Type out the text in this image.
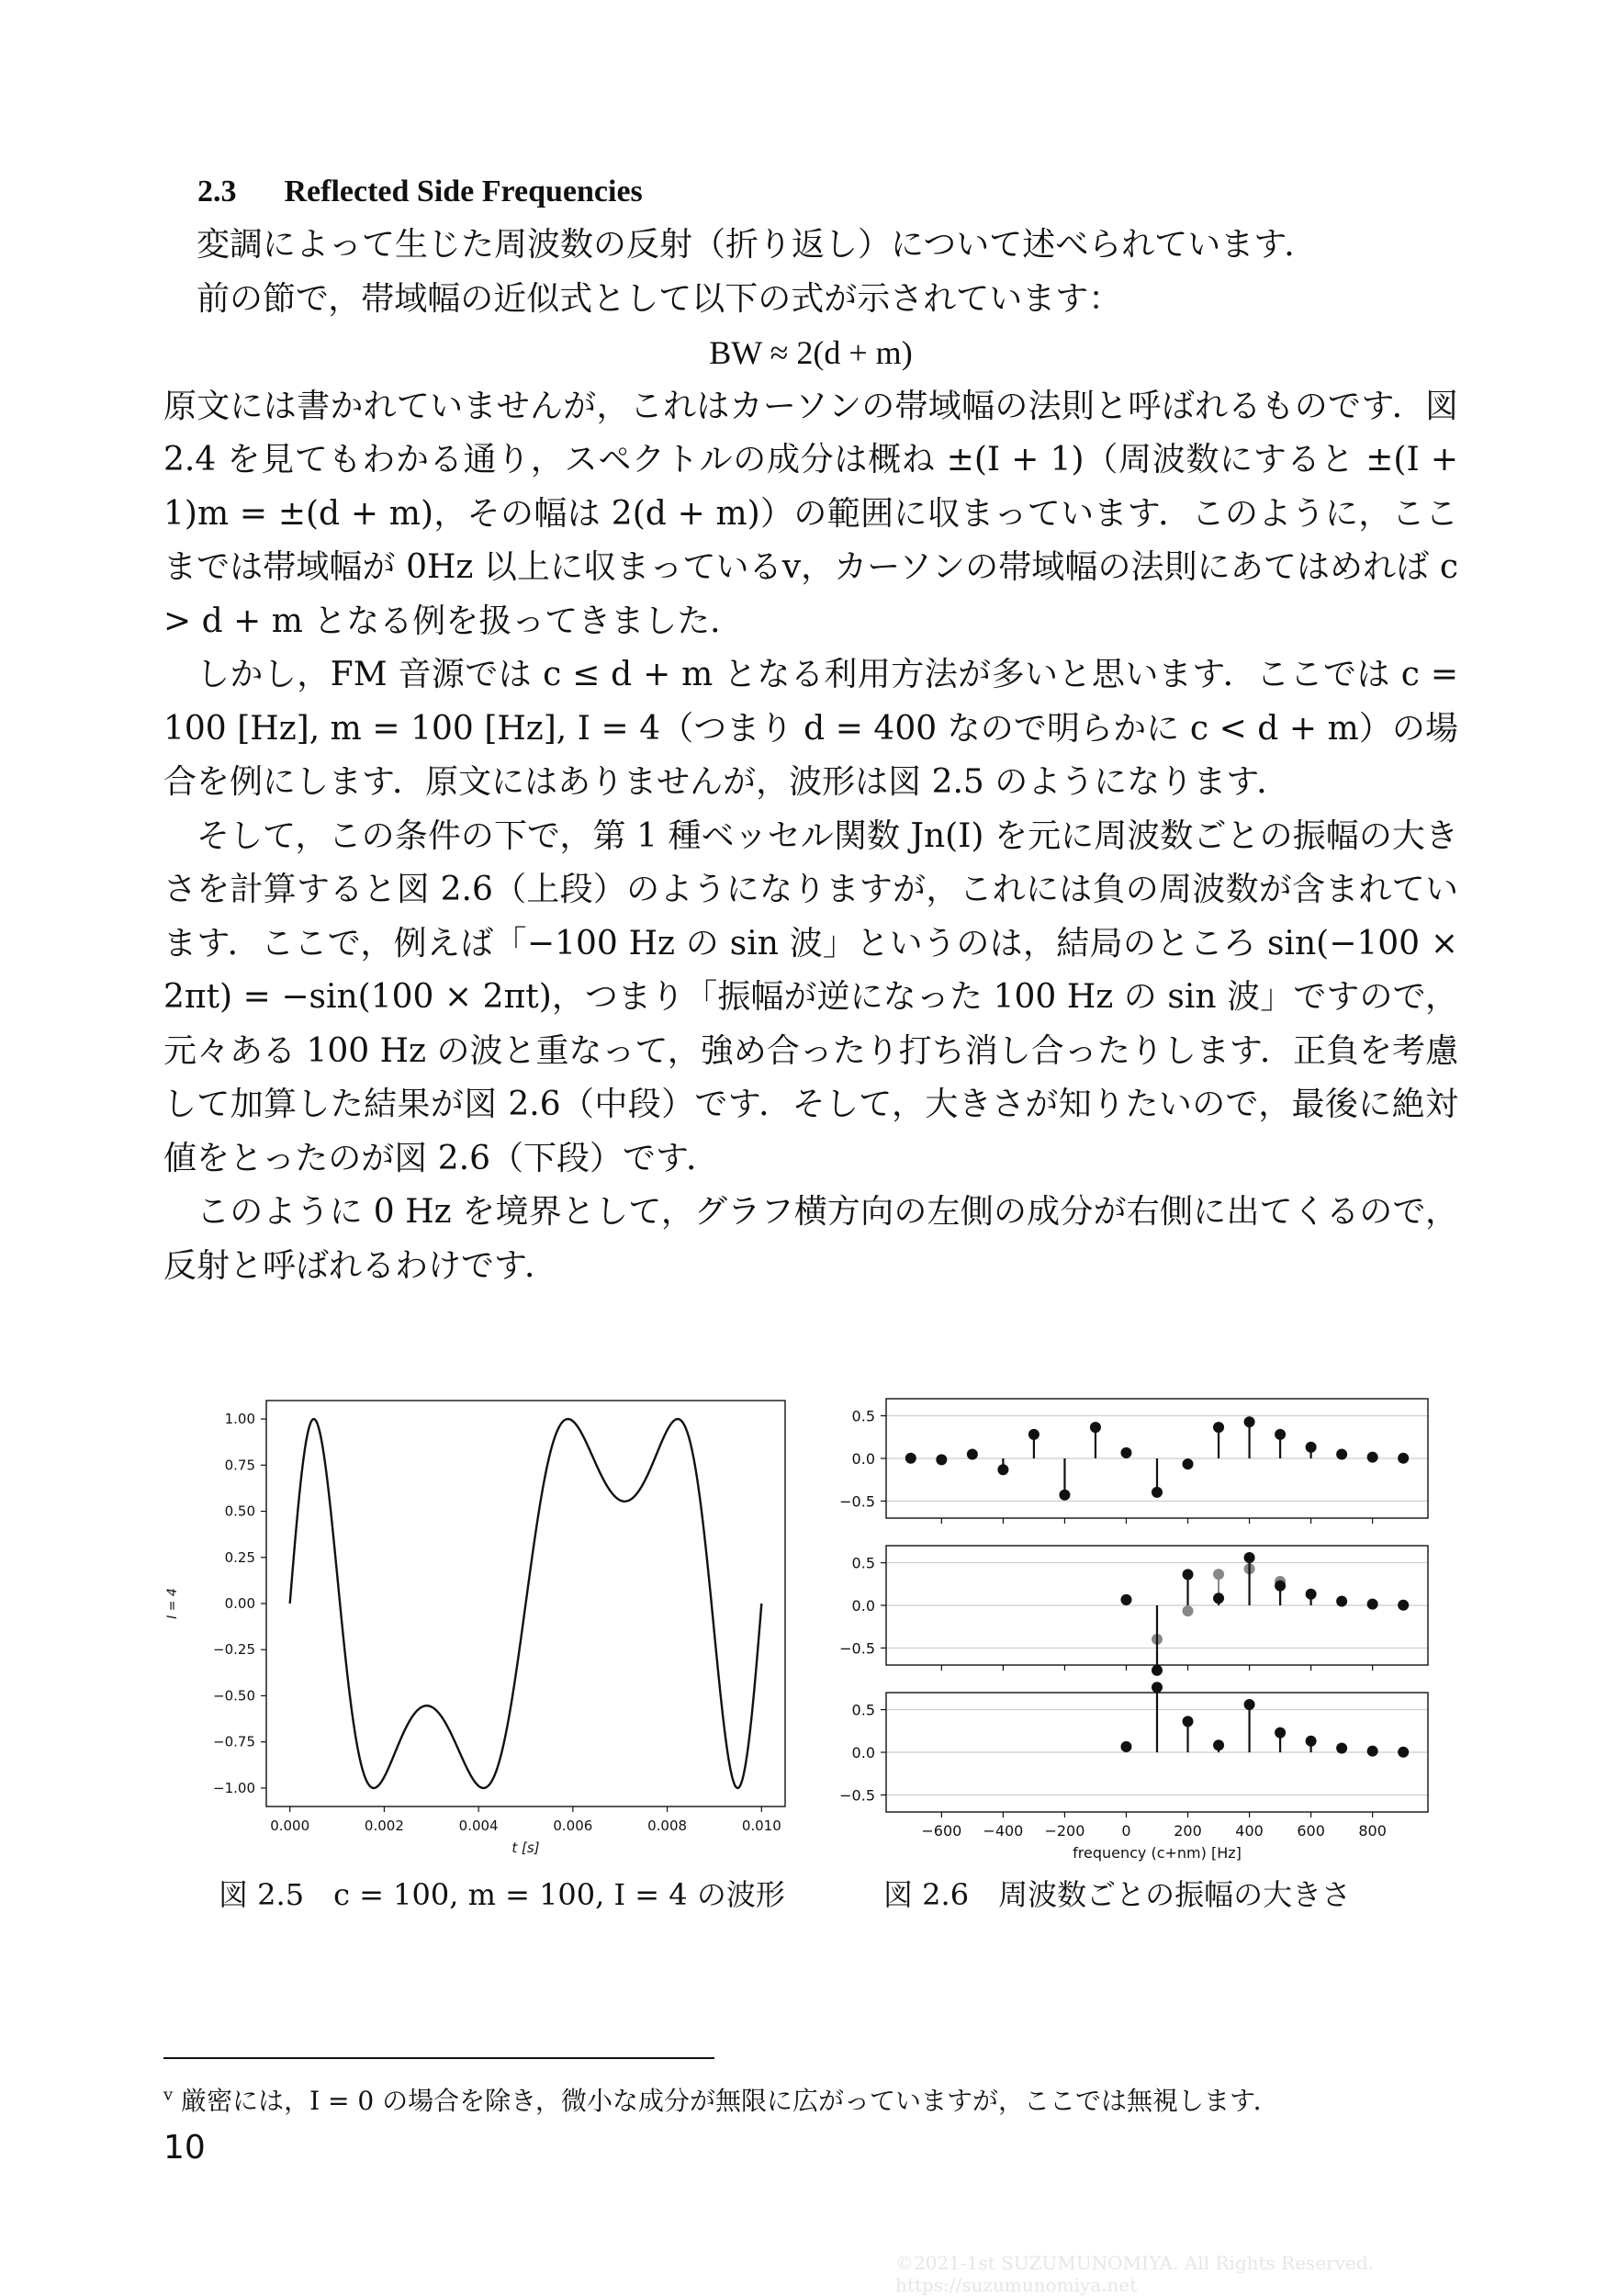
2.3 Reflected Side Frequencies

変調によって生じた周波数の反射（折り返し）について述べられています．

前の節で，帯域幅の近似式として以下の式が示されています：

BW ≈ 2(d + m)

原文には書かれていませんが，これはカーソンの帯域幅の法則と呼ばれるものです．図 2.4 を見てもわかる通り，スペクトルの成分は概ね ±(I + 1)（周波数にすると ±(I + 1)m = ±(d + m)，その幅は 2(d + m)）の範囲に収まっています．このように，ここまでは帯域幅が 0Hz 以上に収まっているv，カーソンの帯域幅の法則にあてはめれば c > d + m となる例を扱ってきました．

しかし，FM 音源では c ≤ d + m となる利用方法が多いと思います．ここでは c = 100 [Hz], m = 100 [Hz], I = 4（つまり d = 400 なので明らかに c < d + m）の場合を例にします．原文にはありませんが，波形は図 2.5 のようになります．

そして，この条件の下で，第 1 種ベッセル関数 Jn(I) を元に周波数ごとの振幅の大きさを計算すると図 2.6（上段）のようになりますが，これには負の周波数が含まれています．ここで，例えば「−100 Hz の sin 波」というのは，結局のところ sin(−100 × 2πt) = −sin(100 × 2πt)，つまり「振幅が逆になった 100 Hz の sin 波」ですので，元々ある 100 Hz の波と重なって，強め合ったり打ち消し合ったりします．正負を考慮して加算した結果が図 2.6（中段）です．そして，大きさが知りたいので，最後に絶対値をとったのが図 2.6（下段）です．

このように 0 Hz を境界として，グラフ横方向の左側の成分が右側に出てくるので，反射と呼ばれるわけです．

1.00
0.75
0.50
0.25
0.00
−0.25
−0.50
−0.75
−1.00
0.000	0.002	0.004	0.006	0.008	0.010
t [s]
I = 4
図 2.5　c = 100, m = 100, I = 4 の波形
0.5
0.0
−0.5
0.5
0.0
−0.5
0.5
0.0
−0.5
−600 −400 −200 0	200 400 600 800
frequency (c+nm) [Hz]
図 2.6　周波数ごとの振幅の大きさ
$^v$ 厳密には，I = 0 の場合を除き，微小な成分が無限に広がっていますが，ここでは無視します．
10
©2021-1st SUZUMUNOMIYA. All Rights Reserved. https://suzumunomiya.net
